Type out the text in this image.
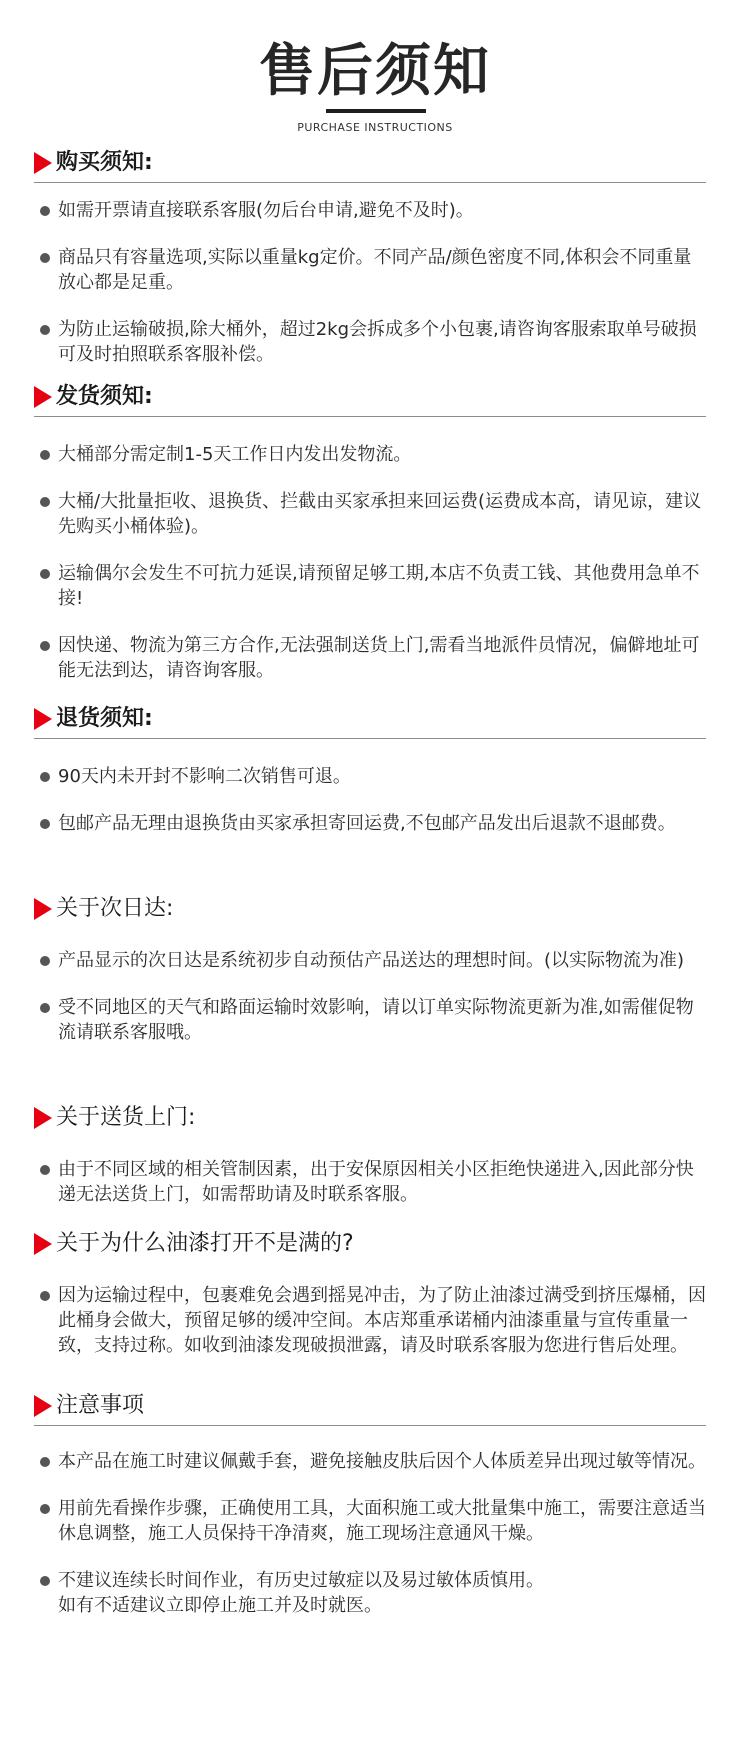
售后须知
PURCHASE INSTRUCTIONS
购买须知:
如需开票请直接联系客服(勿后台申请,避免不及时)。
商品只有容量选项,实际以重量kg定价。不同产品/颜色密度不同,体积会不同重量放心都是足重。
为防止运输破损,除大桶外，超过2kg会拆成多个小包裹,请咨询客服索取单号破损可及时拍照联系客服补偿。
发货须知:
大桶部分需定制1-5天工作日内发出发物流。
大桶/大批量拒收、退换货、拦截由买家承担来回运费(运费成本高，请见谅，建议先购买小桶体验)。
运输偶尔会发生不可抗力延误,请预留足够工期,本店不负责工钱、其他费用急单不接!
因快递、物流为第三方合作,无法强制送货上门,需看当地派件员情况，偏僻地址可能无法到达，请咨询客服。
退货须知:
90天内未开封不影响二次销售可退。
包邮产品无理由退换货由买家承担寄回运费,不包邮产品发出后退款不退邮费。
关于次日达:
产品显示的次日达是系统初步自动预估产品送达的理想时间。(以实际物流为准)
受不同地区的天气和路面运输时效影响，请以订单实际物流更新为准,如需催促物流请联系客服哦。
关于送货上门:
由于不同区域的相关管制因素，出于安保原因相关小区拒绝快递进入,因此部分快递无法送货上门，如需帮助请及时联系客服。
关于为什么油漆打开不是满的?
因为运输过程中，包裹难免会遇到摇晃冲击，为了防止油漆过满受到挤压爆桶，因此桶身会做大，预留足够的缓冲空间。本店郑重承诺桶内油漆重量与宣传重量一致，支持过称。如收到油漆发现破损泄露，请及时联系客服为您进行售后处理。
注意事项
本产品在施工时建议佩戴手套，避免接触皮肤后因个人体质差异出现过敏等情况。
用前先看操作步骤，正确使用工具，大面积施工或大批量集中施工，需要注意适当休息调整，施工人员保持干净清爽，施工现场注意通风干燥。
不建议连续长时间作业，有历史过敏症以及易过敏体质慎用。
如有不适建议立即停止施工并及时就医。
